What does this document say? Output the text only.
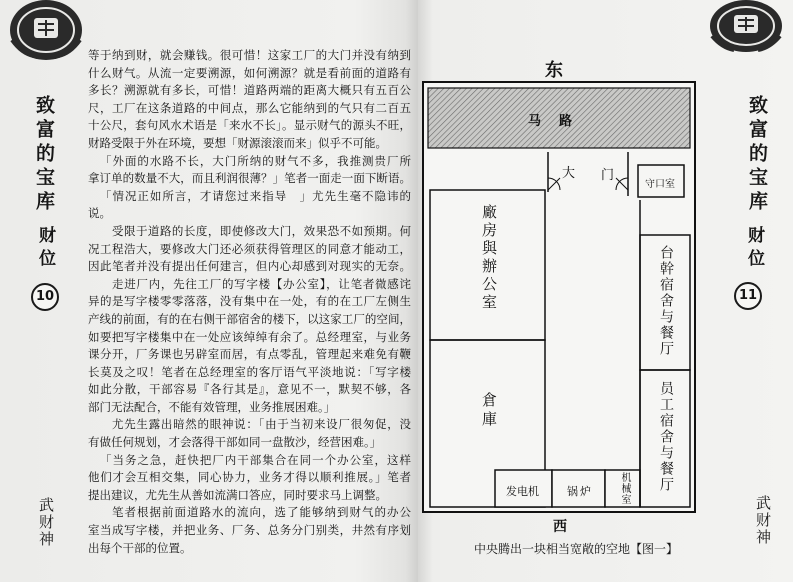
致富的宝库
财位
10
武财神
致富的宝库
财位
11
武财神
等于纳到财，就会赚钱。很可惜！这家工厂的大门并没有纳到
什么财气。从流一定要溯源，如何溯源？就是看前面的道路有
多长？溯源就有多长，可惜！道路两端的距离大概只有五百公
尺，工厂在这条道路的中间点，那么它能纳到的气只有二百五
十公尺，套句风水术语是「来水不长」。显示财气的源头不旺，
财路受限于外在环境，要想「财源滚滚而来」似乎不可能。
「外面的水路不长，大门所纳的财气不多，我推测贵厂所
拿订单的数量不大，而且利润很薄？」笔者一面走一面下断语。
「情况正如所言，才请您过来指导　」尤先生毫不隐讳的
说。
受限于道路的长度，即使修改大门，效果恐不如预期。何
况工程浩大，要修改大门还必须获得管理区的同意才能动工，
因此笔者并没有提出任何建言，但内心却感到对现实的无奈。
走进厂内，先往工厂的写字楼【办公室】，让笔者微感诧
异的是写字楼零零落落，没有集中在一处，有的在工厂左侧生
产线的前面，有的在右侧干部宿舍的楼下，以这家工厂的空间，
如要把写字楼集中在一处应该绰绰有余了。总经理室，与业务
课分开，厂务课也另辟室而居，有点零乱，管理起来难免有鞭
长莫及之叹！笔者在总经理室的客厅语气平淡地说：「写字楼
如此分散，干部容易『各行其是』，意见不一，默契不够，各
部门无法配合，不能有效管理，业务推展困难。」
尤先生露出暗然的眼神说：「由于当初来设厂很匆促，没
有做任何规划，才会落得干部如同一盘散沙，经营困难。」
「当务之急，赶快把厂内干部集合在同一个办公室，这样
他们才会互相交集，同心协力，业务才得以顺利推展。」笔者
提出建议，尤先生从善如流满口答应，同时要求马上调整。
笔者根据前面道路水的流向，选了能够纳到财气的办公
室当成写字楼，并把业务、厂务、总务分门别类，井然有序划
出每个干部的位置。
东
马路
大 门
守口室
廠房與辦公室
倉庫
台幹宿舍与餐厅
员工宿舍与餐厅
发电机	锅炉	机械室
西
中央腾出一块相当宽敞的空地【图一】
